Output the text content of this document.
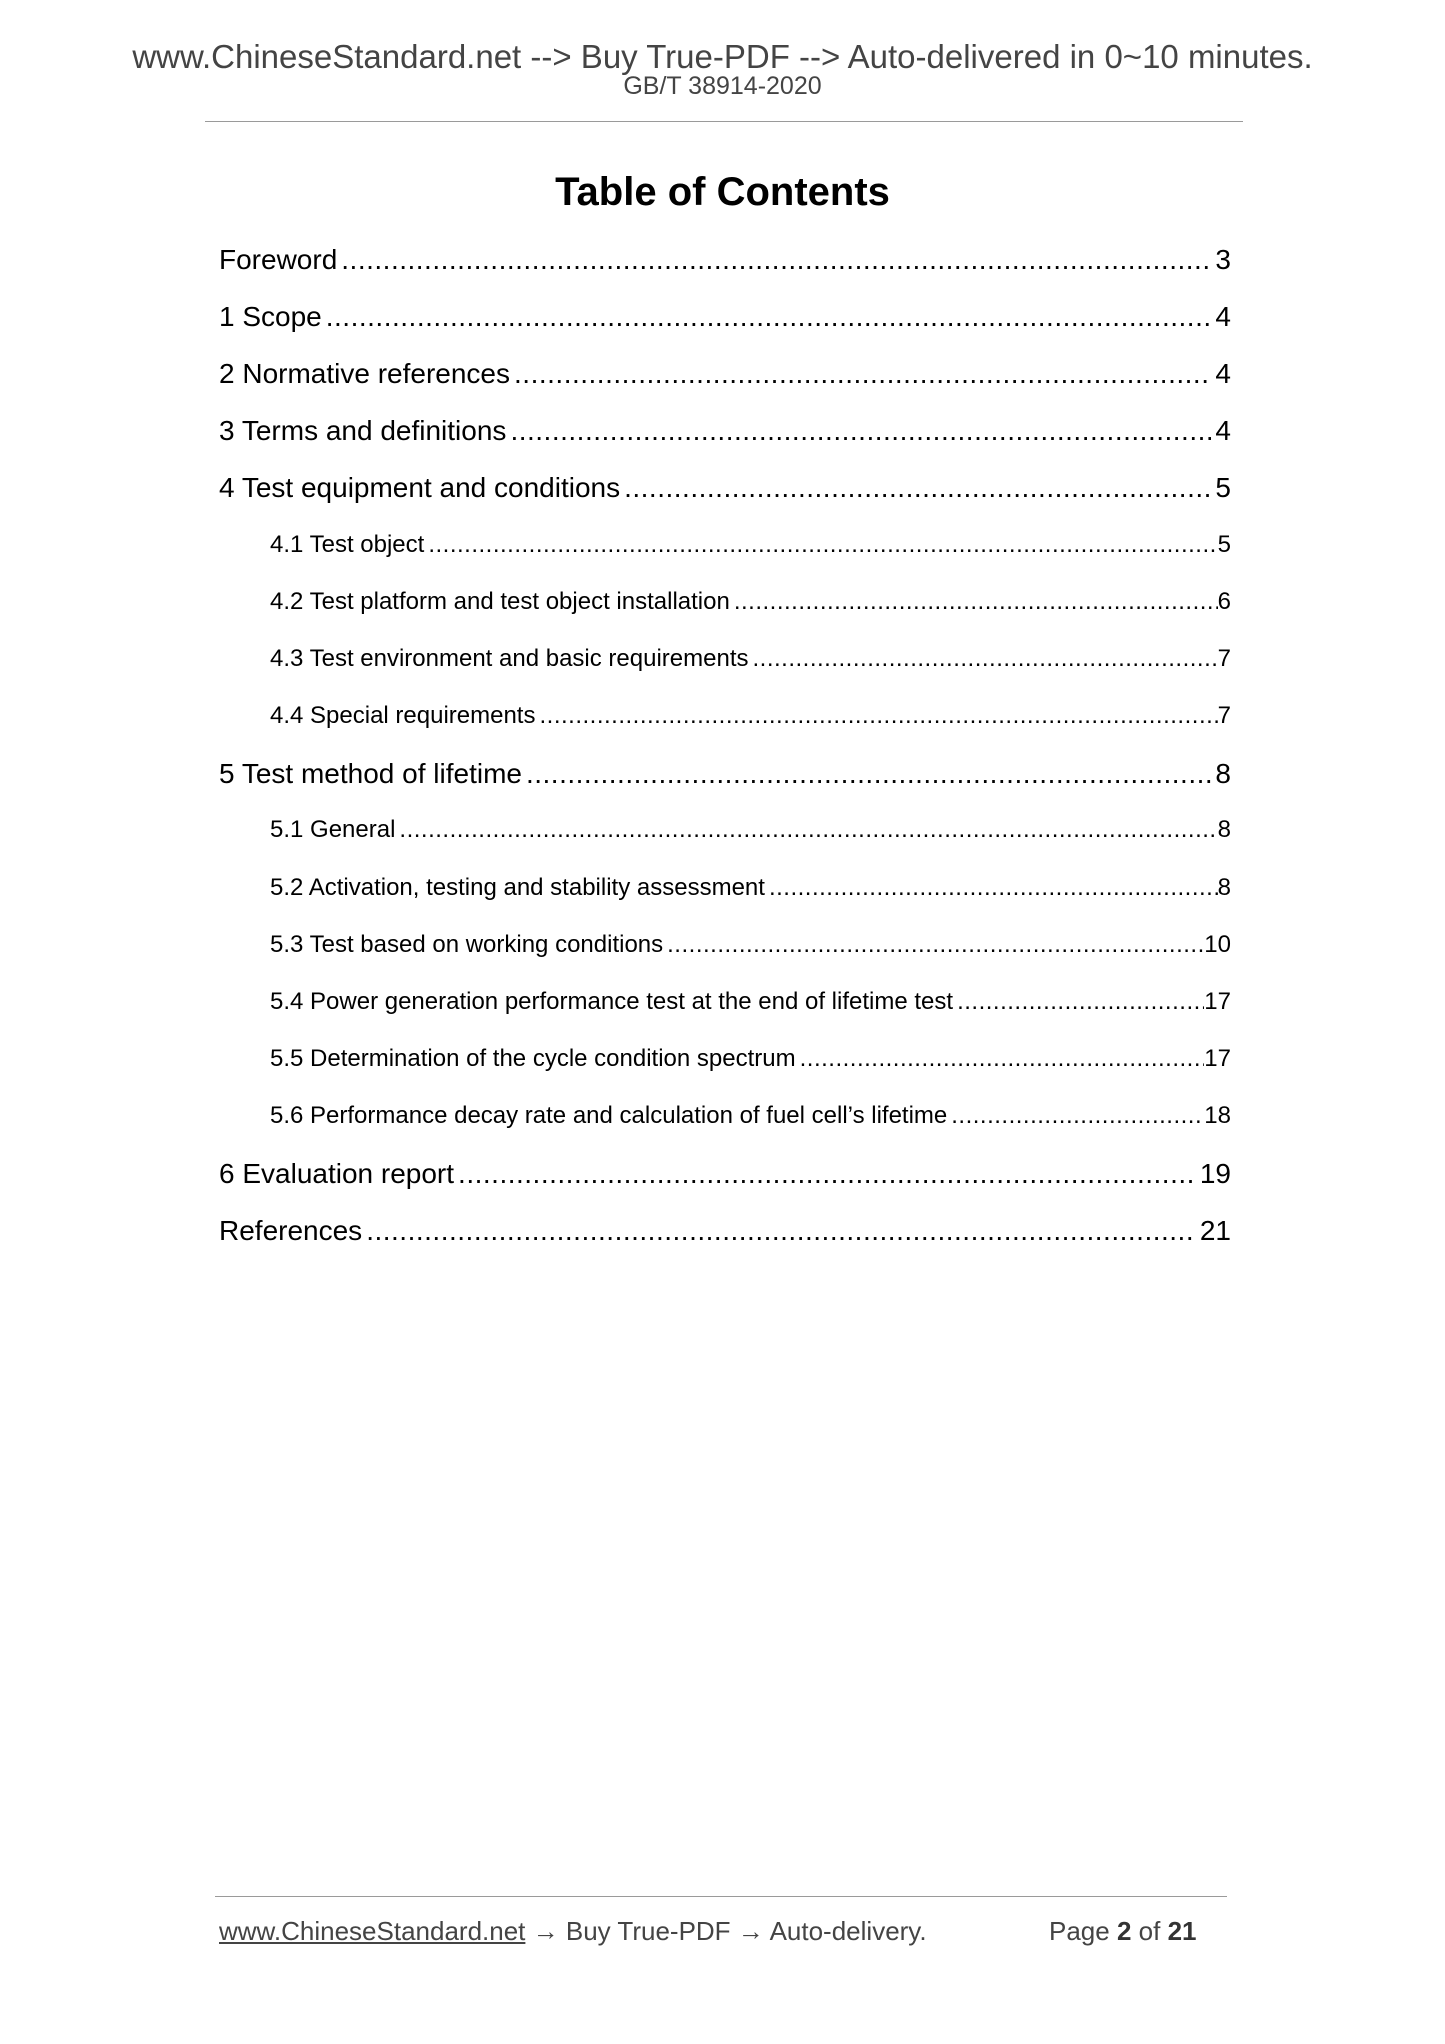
www.ChineseStandard.net --> Buy True-PDF --> Auto-delivered in 0~10 minutes.
GB/T 38914-2020
Table of Contents
Foreword .....	3
1 Scope .....	4
2 Normative references .....	4
3 Terms and definitions .....	4
4 Test equipment and conditions .....	5
4.1 Test object .....	5
4.2 Test platform and test object installation .....	6
4.3 Test environment and basic requirements .....	7
4.4 Special requirements .....	7
5 Test method of lifetime .....	8
5.1 General .....	8
5.2 Activation, testing and stability assessment .....	8
5.3 Test based on working conditions .....	10
5.4 Power generation performance test at the end of lifetime test .....	17
5.5 Determination of the cycle condition spectrum .....	17
5.6 Performance decay rate and calculation of fuel cell’s lifetime .....	18
6 Evaluation report .....	19
References .....	21
www.ChineseStandard.net → Buy True-PDF → Auto-delivery.	Page 2 of 21
